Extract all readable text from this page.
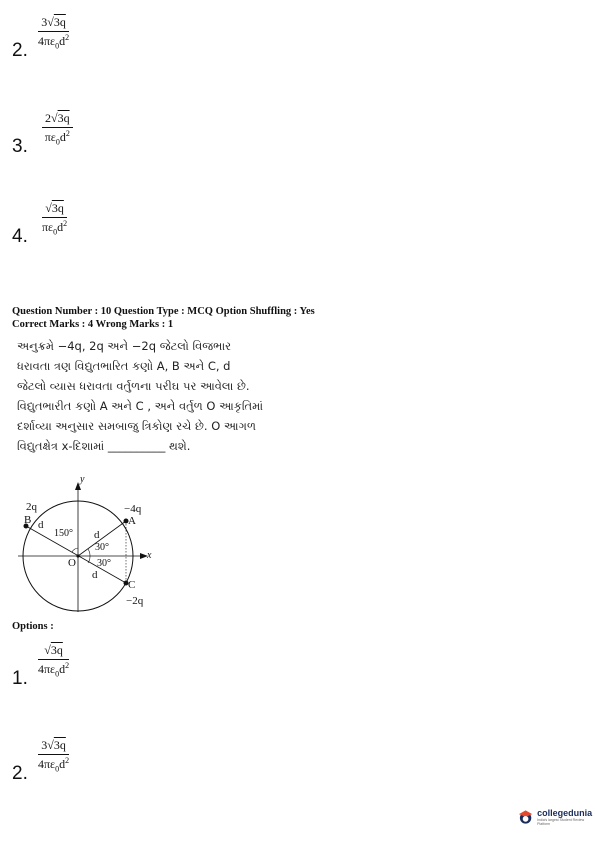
2.
$\frac{3√3q}{4\pi\varepsilon_0d^2}$
3.
$\frac{2√3q}{\pi\varepsilon_0d^2}$
4.
$\frac{√3q}{\pi\varepsilon_0d^2}$
Question Number : 10 Question Type : MCQ Option Shuffling : Yes
Correct Marks : 4 Wrong Marks : 1
અનુક્રમે −4q, 2q અને −2q જેટલો વિજભાર
ધરાવતા ત્રણ વિદ્યુતભારિત કણો A, B અને C, d
જેટલો વ્યાસ ધરાવતા વર્તુળના પરીઘ પર આવેલા છે.
વિદ્યુતભારીત કણો A અને C , અને વર્તુળ O આકૃતિમાં
દર્શાવ્યા અનુસાર સમબાજુ ત્રિકોણ રચે છે. O આગળ
વિદ્યુતક્ષેત્ર x-દિશામાં __________ થશે.
y
x
2q
B d
150° d
30°
O 30°
d
−4q
A
C
−2q
Options :
1.
$\frac{√3q}{4\pi\varepsilon_0d^2}$
2.
$\frac{3√3q}{4\pi\varepsilon_0d^2}$
collegedunia
India's largest Student Review Platform
